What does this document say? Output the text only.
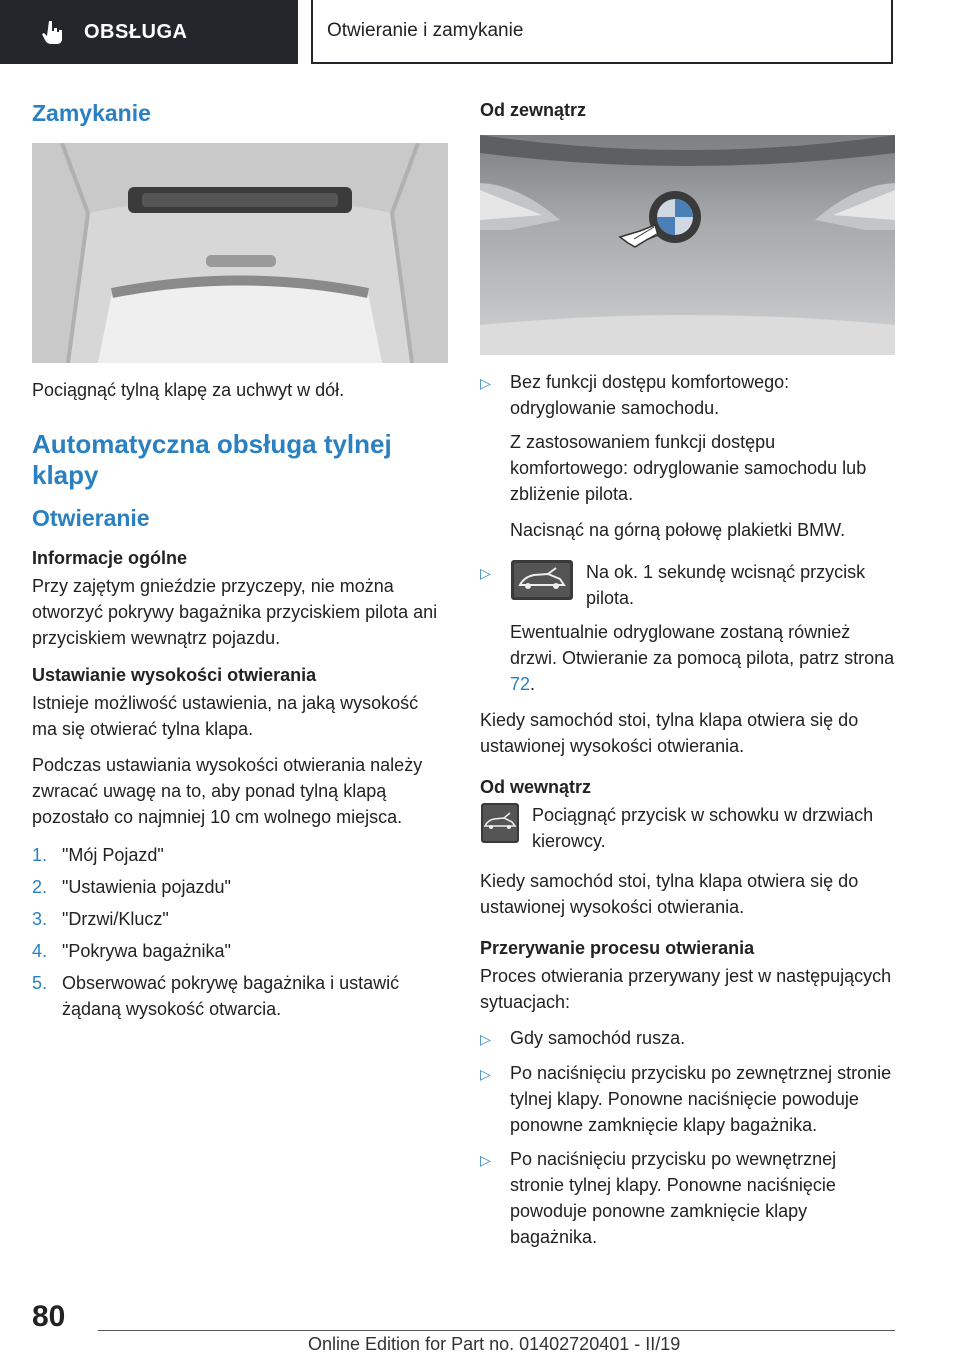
OBSŁUGA	Otwieranie i zamykanie
Zamykanie

Pociągnąć tylną klapę za uchwyt w dół.

Automatyczna obsługa tylnej klapy
Otwieranie
Informacje ogólne

Przy zajętym gnieździe przyczepy, nie można otworzyć pokrywy bagażnika przyciskiem pilota ani przyciskiem wewnątrz pojazdu.

Ustawianie wysokości otwierania

Istnieje możliwość ustawienia, na jaką wysokość ma się otwierać tylna klapa.

Podczas ustawiania wysokości otwierania należy zwracać uwagę na to, aby ponad tylną klapą pozostało co najmniej 10 cm wolnego miejsca.

1. "Mój Pojazd"
2. "Ustawienia pojazdu"
3. "Drzwi/Klucz"
4. "Pokrywa bagażnika"
5. Obserwować pokrywę bagażnika i ustawić żądaną wysokość otwarcia.
Od zewnątrz
▷	Bez funkcji dostępu komfortowego: odryglowanie samochodu.

Z zastosowaniem funkcji dostępu komfortowego: odryglowanie samochodu lub zbliżenie pilota.

Nacisnąć na górną połowę plakietki BMW.

▷	Na ok. 1 sekundę wcisnąć przycisk pilota.

Ewentualnie odryglowane zostaną również drzwi. Otwieranie za pomocą pilota, patrz strona 72.

Kiedy samochód stoi, tylna klapa otwiera się do ustawionej wysokości otwierania.

Od wewnątrz
Pociągnąć przycisk w schowku w drzwiach kierowcy.

Kiedy samochód stoi, tylna klapa otwiera się do ustawionej wysokości otwierania.

Przerywanie procesu otwierania

Proces otwierania przerywany jest w następujących sytuacjach:

▷	Gdy samochód rusza.
▷	Po naciśnięciu przycisku po zewnętrznej stronie tylnej klapy. Ponowne naciśnięcie powoduje ponowne zamknięcie klapy bagażnika.
▷	Po naciśnięciu przycisku po wewnętrznej stronie tylnej klapy. Ponowne naciśnięcie powoduje ponowne zamknięcie klapy bagażnika.
80
Online Edition for Part no. 01402720401 - II/19
